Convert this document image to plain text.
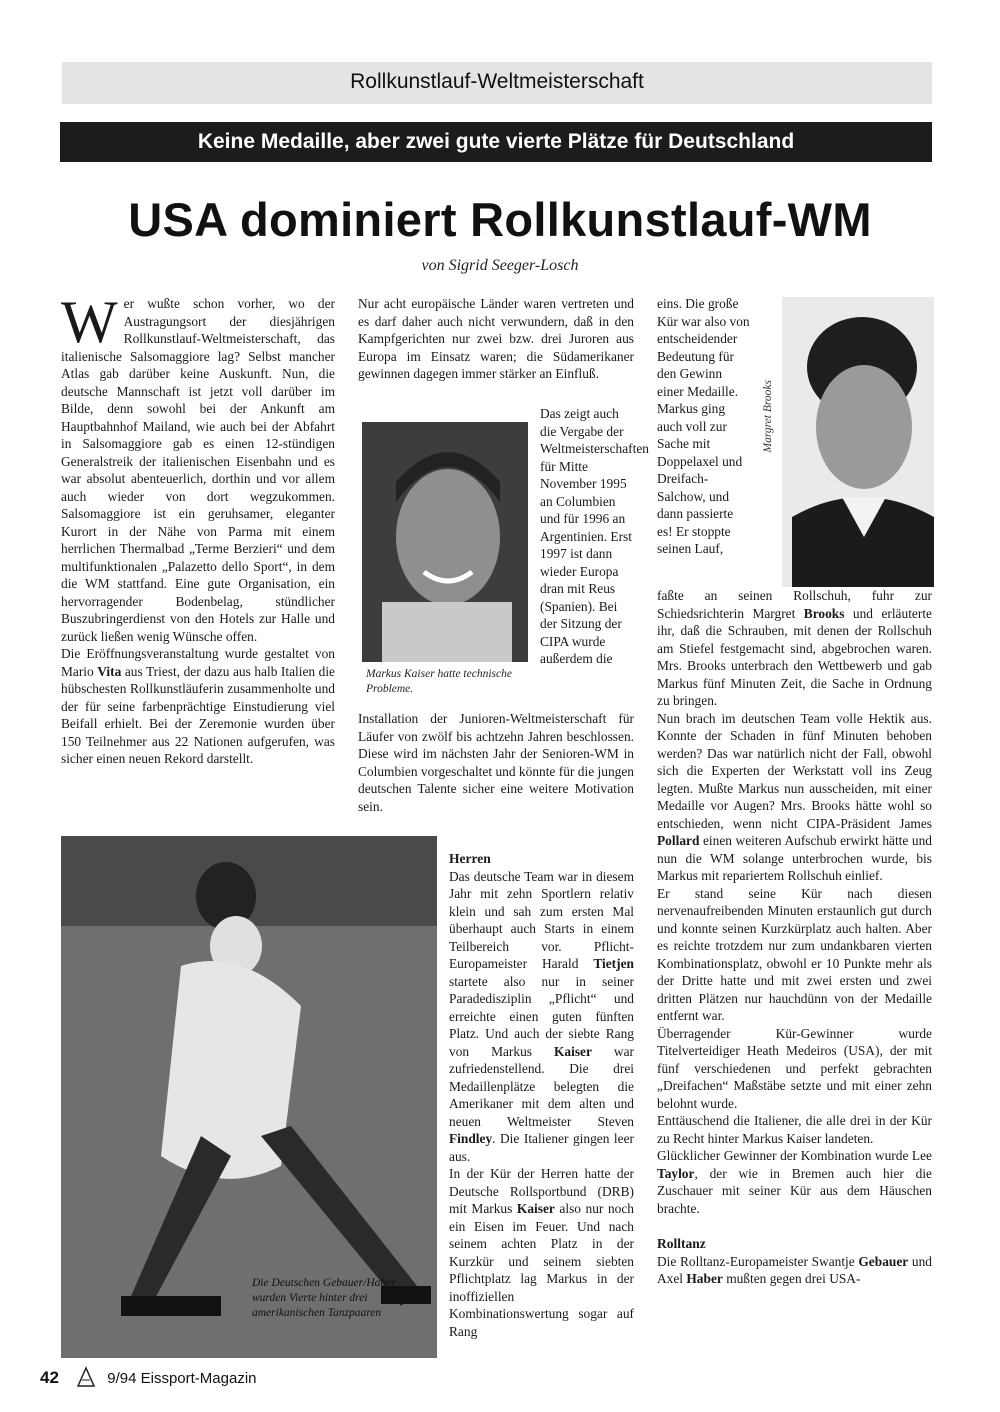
Rollkunstlauf-Weltmeisterschaft
Keine Medaille, aber zwei gute vierte Plätze für Deutschland
USA dominiert Rollkunstlauf-WM
von Sigrid Seeger-Losch

Wer wußte schon vorher, wo der Austragungsort der diesjährigen Rollkunstlauf-Weltmeisterschaft, das italienische Salsomaggiore lag? Selbst mancher Atlas gab darüber keine Auskunft. Nun, die deutsche Mannschaft ist jetzt voll darüber im Bilde, denn sowohl bei der Ankunft am Hauptbahnhof Mailand, wie auch bei der Abfahrt in Salsomaggiore gab es einen 12-stündigen Generalstreik der italienischen Eisenbahn und es war absolut abenteuerlich, dorthin und vor allem auch wieder von dort wegzukommen. Salsomaggiore ist ein geruhsamer, eleganter Kurort in der Nähe von Parma mit einem herrlichen Thermalbad „Terme Berzieri“ und dem multifunktionalen „Palazetto dello Sport“, in dem die WM stattfand. Eine gute Organisation, ein hervorragender Bodenbelag, stündlicher Buszubringerdienst von den Hotels zur Halle und zurück ließen wenig Wünsche offen.

Die Eröffnungsveranstaltung wurde gestaltet von Mario Vita aus Triest, der dazu aus halb Italien die hübschesten Rollkunstläuferin zusammenholte und der für seine farbenprächtige Einstudierung viel Beifall erhielt. Bei der Zeremonie wurden über 150 Teilnehmer aus 22 Nationen aufgerufen, was sicher einen neuen Rekord darstellt.

Nur acht europäische Länder waren vertreten und es darf daher auch nicht verwundern, daß in den Kampfgerichten nur zwei bzw. drei Juroren aus Europa im Einsatz waren; die Südamerikaner gewinnen dagegen immer stärker an Einfluß.
Markus Kaiser hatte technische Probleme.
Das zeigt auch die Vergabe der Weltmeisterschaften für Mitte November 1995 an Columbien und für 1996 an Argentinien. Erst 1997 ist dann wieder Europa dran mit Reus (Spanien). Bei der Sitzung der CIPA wurde außerdem die
Installation der Junioren-Weltmeisterschaft für Läufer von zwölf bis achtzehn Jahren beschlossen. Diese wird im nächsten Jahr der Senioren-WM in Columbien vorgeschaltet und könnte für die jungen deutschen Talente sicher eine weitere Motivation sein.
Die Deutschen Gebauer/Haber wurden Vierte hinter drei amerikanischen Tanzpaaren

Herren

Das deutsche Team war in diesem Jahr mit zehn Sportlern relativ klein und sah zum ersten Mal überhaupt auch Starts in einem Teilbereich vor. Pflicht-Europameister Harald Tietjen startete also nur in seiner Paradedisziplin „Pflicht“ und erreichte einen guten fünften Platz. Und auch der siebte Rang von Markus Kaiser war zufriedenstellend. Die drei Medaillenplätze belegten die Amerikaner mit dem alten und neuen Weltmeister Steven Findley. Die Italiener gingen leer aus.

In der Kür der Herren hatte der Deutsche Rollsportbund (DRB) mit Markus Kaiser also nur noch ein Eisen im Feuer. Und nach seinem achten Platz in der Kurzkür und seinem siebten Pflichtplatz lag Markus in der inoffiziellen Kombinationswertung sogar auf Rang

eins. Die große Kür war also von entscheidender Bedeutung für den Gewinn einer Medaille. Markus ging auch voll zur Sache mit Doppelaxel und Dreifach-Salchow, und dann passierte es! Er stoppte seinen Lauf,
Margret Brooks

faßte an seinen Rollschuh, fuhr zur Schiedsrichterin Margret Brooks und erläuterte ihr, daß die Schrauben, mit denen der Rollschuh am Stiefel festgemacht sind, abgebrochen waren. Mrs. Brooks unterbrach den Wettbewerb und gab Markus fünf Minuten Zeit, die Sache in Ordnung zu bringen.

Nun brach im deutschen Team volle Hektik aus. Konnte der Schaden in fünf Minuten behoben werden? Das war natürlich nicht der Fall, obwohl sich die Experten der Werkstatt voll ins Zeug legten. Mußte Markus nun ausscheiden, mit einer Medaille vor Augen? Mrs. Brooks hätte wohl so entschieden, wenn nicht CIPA-Präsident James Pollard einen weiteren Aufschub erwirkt hätte und nun die WM solange unterbrochen wurde, bis Markus mit repariertem Rollschuh einlief.

Er stand seine Kür nach diesen nervenaufreibenden Minuten erstaunlich gut durch und konnte seinen Kurzkürplatz auch halten. Aber es reichte trotzdem nur zum undankbaren vierten Kombinationsplatz, obwohl er 10 Punkte mehr als der Dritte hatte und mit zwei ersten und zwei dritten Plätzen nur hauchdünn von der Medaille entfernt war.

Überragender Kür-Gewinner wurde Titelverteidiger Heath Medeiros (USA), der mit fünf verschiedenen und perfekt gebrachten „Dreifachen“ Maßstäbe setzte und mit einer zehn belohnt wurde.

Enttäuschend die Italiener, die alle drei in der Kür zu Recht hinter Markus Kaiser landeten.

Glücklicher Gewinner der Kombination wurde Lee Taylor, der wie in Bremen auch hier die Zuschauer mit seiner Kür aus dem Häuschen brachte.

Rolltanz

Die Rolltanz-Europameister Swantje Gebauer und Axel Haber mußten gegen drei USA-

42	9/94 Eissport-Magazin
